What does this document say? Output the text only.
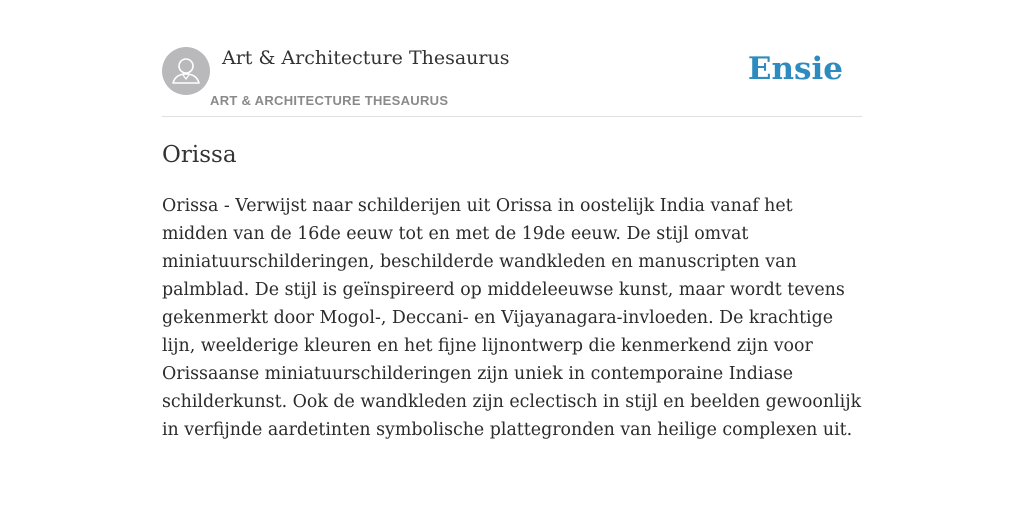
Art & Architecture Thesaurus
ART & ARCHITECTURE THESAURUS
Ensie
Orissa

Orissa - Verwijst naar schilderijen uit Orissa in oostelijk India vanaf het midden van de 16de eeuw tot en met de 19de eeuw. De stijl omvat miniatuurschilderingen, beschilderde wandkleden en manuscripten van palmblad. De stijl is geïnspireerd op middeleeuwse kunst, maar wordt tevens gekenmerkt door Mogol-, Deccani- en Vijayanagara-invloeden. De krachtige lijn, weelderige kleuren en het fijne lijnontwerp die kenmerkend zijn voor Orissaanse miniatuurschilderingen zijn uniek in contemporaine Indiase schilderkunst. Ook de wandkleden zijn eclectisch in stijl en beelden gewoonlijk in verfijnde aardetinten symbolische plattegronden van heilige complexen uit.
